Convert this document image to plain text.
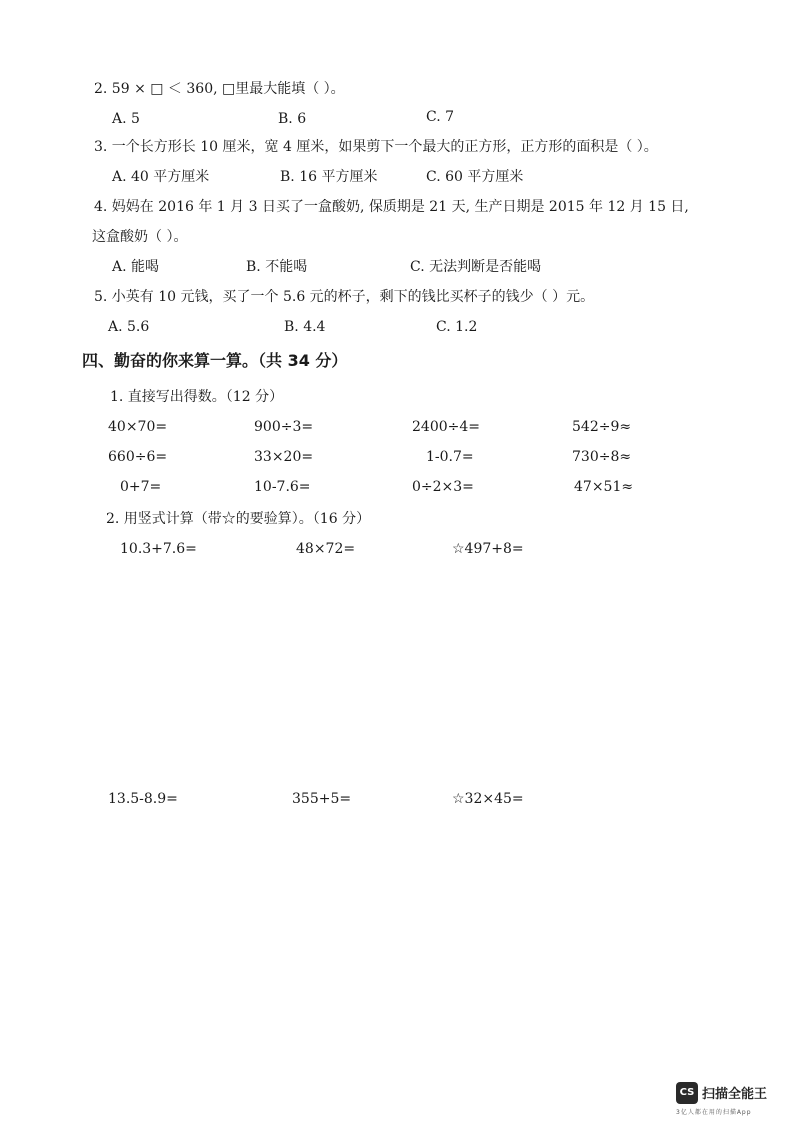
2. 59 × □ ＜ 360, □里最大能填（ ）。
A. 5	B. 6	C. 7
3. 一个长方形长 10 厘米，宽 4 厘米，如果剪下一个最大的正方形，正方形的面积是（ ）。
A. 40 平方厘米	B. 16 平方厘米	C. 60 平方厘米
4. 妈妈在 2016 年 1 月 3 日买了一盒酸奶, 保质期是 21 天, 生产日期是 2015 年 12 月 15 日,
这盒酸奶（ ）。
A. 能喝	B. 不能喝	C. 无法判断是否能喝
5. 小英有 10 元钱，买了一个 5.6 元的杯子，剩下的钱比买杯子的钱少（ ）元。
A. 5.6	B. 4.4	C. 1.2
四、勤奋的你来算一算。（共 34 分）
1. 直接写出得数。（12 分）
40×70=	900÷3=	2400÷4=	542÷9≈
660÷6=	33×20=	1-0.7=	730÷8≈
0+7=	10-7.6=	0÷2×3=	47×51≈
2. 用竖式计算（带☆的要验算）。（16 分）
10.3+7.6=	48×72=	☆497+8=
13.5-8.9=	355+5=	☆32×45=
CS 扫描全能王
3亿人都在用的扫描App
